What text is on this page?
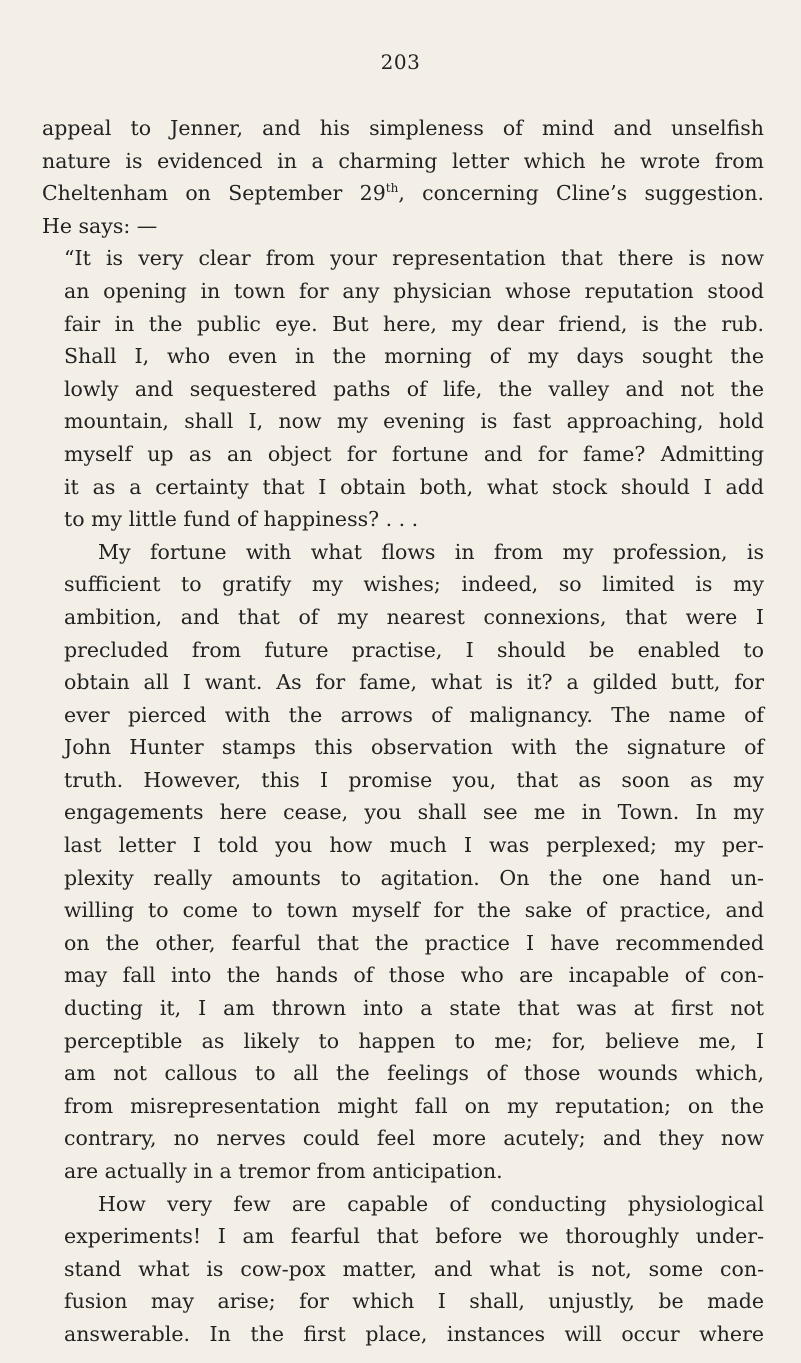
203
appeal to Jenner, and his simpleness of mind and unselfish
nature is evidenced in a charming letter which he wrote from
Cheltenham on September 29th, concerning Cline’s suggestion.
He says: —
“It is very clear from your representation that there is now
an opening in town for any physician whose reputation stood
fair in the public eye. But here, my dear friend, is the rub.
Shall I, who even in the morning of my days sought the
lowly and sequestered paths of life, the valley and not the
mountain, shall I, now my evening is fast approaching, hold
myself up as an object for fortune and for fame? Admitting
it as a certainty that I obtain both, what stock should I add
to my little fund of happiness? . . .
My fortune with what flows in from my profession, is
sufficient to gratify my wishes; indeed, so limited is my
ambition, and that of my nearest connexions, that were I
precluded from future practise, I should be enabled to
obtain all I want. As for fame, what is it? a gilded butt, for
ever pierced with the arrows of malignancy. The name of
John Hunter stamps this observation with the signature of
truth. However, this I promise you, that as soon as my
engagements here cease, you shall see me in Town. In my
last letter I told you how much I was perplexed; my per-
plexity really amounts to agitation. On the one hand un-
willing to come to town myself for the sake of practice, and
on the other, fearful that the practice I have recommended
may fall into the hands of those who are incapable of con-
ducting it, I am thrown into a state that was at first not
perceptible as likely to happen to me; for, believe me, I
am not callous to all the feelings of those wounds which,
from misrepresentation might fall on my reputation; on the
contrary, no nerves could feel more acutely; and they now
are actually in a tremor from anticipation.
How very few are capable of conducting physiological
experiments! I am fearful that before we thoroughly under-
stand what is cow-pox matter, and what is not, some con-
fusion may arise; for which I shall, unjustly, be made
answerable. In the first place, instances will occur where
